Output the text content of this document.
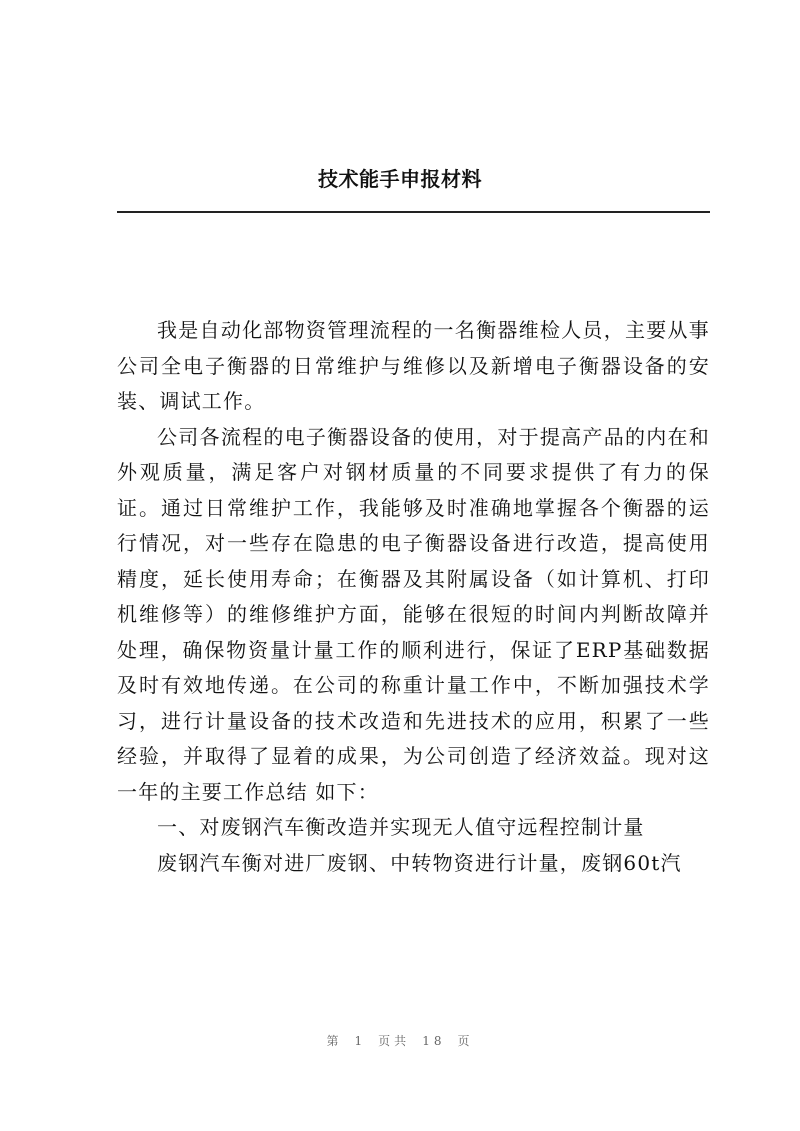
技术能手申报材料

我是自动化部物资管理流程的一名衡器维检人员，主要从事公司全电子衡器的日常维护与维修以及新增电子衡器设备的安装、调试工作。

公司各流程的电子衡器设备的使用，对于提高产品的内在和外观质量，满足客户对钢材质量的不同要求提供了有力的保证。通过日常维护工作，我能够及时准确地掌握各个衡器的运行情况，对一些存在隐患的电子衡器设备进行改造，提高使用精度，延长使用寿命；在衡器及其附属设备（如计算机、打印机维修等）的维修维护方面，能够在很短的时间内判断故障并处理，确保物资量计量工作的顺利进行，保证了ERP基础数据及时有效地传递。在公司的称重计量工作中，不断加强技术学习，进行计量设备的技术改造和先进技术的应用，积累了一些经验，并取得了显着的成果，为公司创造了经济效益。现对这一年的主要工作总结 如下：

一、对废钢汽车衡改造并实现无人值守远程控制计量

废钢汽车衡对进厂废钢、中转物资进行计量，废钢60t汽

第 1 页共 18 页
